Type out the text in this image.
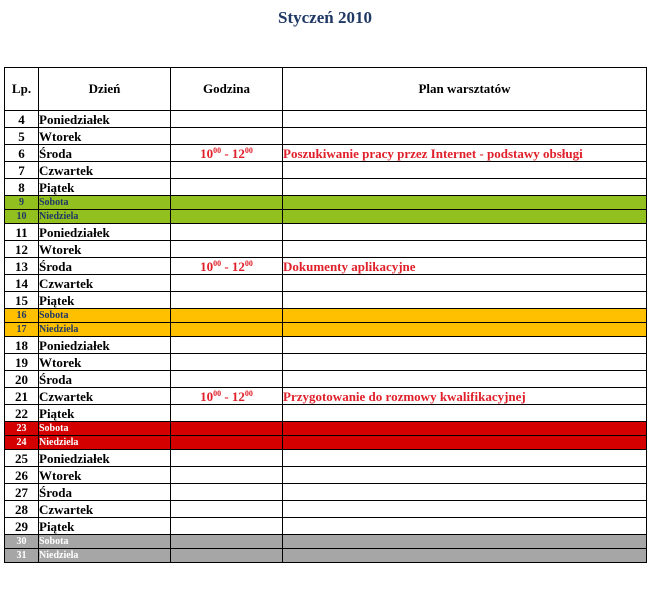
Styczeń 2010
Lp.	Dzień	Godzina	Plan warsztatów
4	Poniedziałek		
5	Wtorek		
6	Środa	$10^{00} - 12^{00}$	Poszukiwanie pracy przez Internet - podstawy obsługi
7	Czwartek		
8	Piątek		
9	Sobota		
10	Niedziela		
11	Poniedziałek		
12	Wtorek		
13	Środa	$10^{00} - 12^{00}$	Dokumenty aplikacyjne
14	Czwartek		
15	Piątek		
16	Sobota		
17	Niedziela		
18	Poniedziałek		
19	Wtorek		
20	Środa		
21	Czwartek	$10^{00} - 12^{00}$	Przygotowanie do rozmowy kwalifikacyjnej
22	Piątek		
23	Sobota		
24	Niedziela		
25	Poniedziałek		
26	Wtorek		
27	Środa		
28	Czwartek		
29	Piątek		
30	Sobota		
31	Niedziela		
